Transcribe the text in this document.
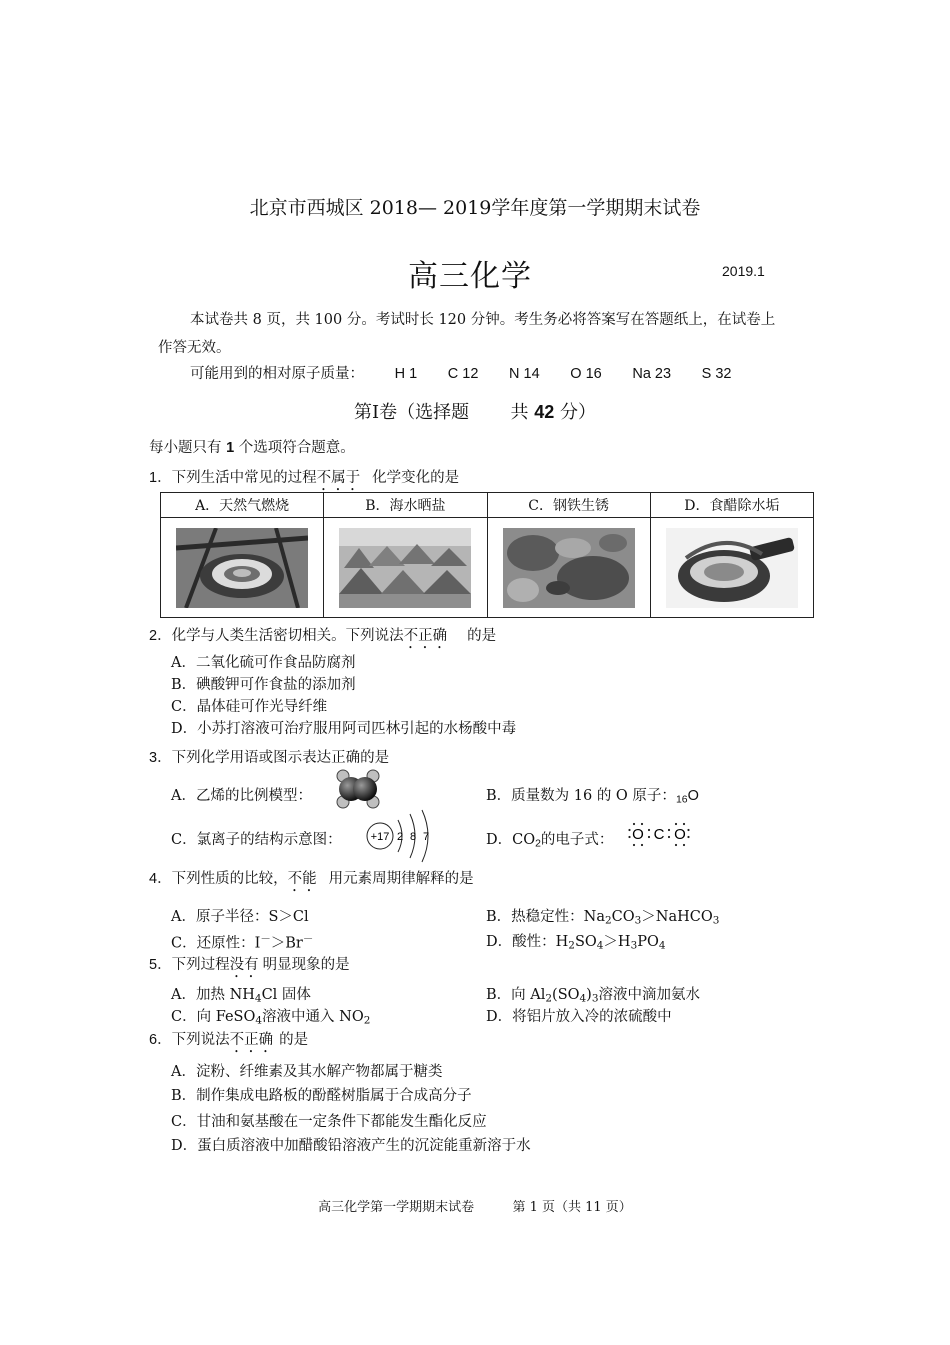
北京市西城区 2018— 2019学年度第一学期期末试卷
高三化学	2019.1
本试卷共 8 页，共 100 分。考试时长 120 分钟。考生务必将答案写在答题纸上，在试卷上作答无效。
可能用到的相对原子质量： H 1 C 12 N 14 O 16 Na 23 S 32
第Ⅰ卷（选择题 共 42 分）
每小题只有 1 个选项符合题意。
1．下列生活中常见的过程不属于 化学变化的是
A．天然气燃烧	B．海水晒盐	C．钢铁生锈	D．食醋除水垢

2．化学与人类生活密切相关。下列说法不正确 的是
A．二氧化硫可作食品防腐剂
B．碘酸钾可作食盐的添加剂
C．晶体硅可作光导纤维
D．小苏打溶液可治疗服用阿司匹林引起的水杨酸中毒
3．下列化学用语或图示表达正确的是
A．乙烯的比例模型：	B．质量数为 16 的 O 原子：16O
C．氯离子的结构示意图：	+17 2 8 7	D．$CO_2$的电子式： O C O
4．下列性质的比较，不能 用元素周期律解释的是
A．原子半径：S＞Cl	B．热稳定性：$Na_2CO_3>NaHCO_3$
C．还原性：I－＞Br－	D．酸性：$H_2SO_4>H_3PO_4$
5．下列过程没有 明显现象的是
A．加热 $NH_4Cl$ 固体	B．向 $Al_2(SO_4)_3$溶液中滴加氨水
C．向 FeSO$_4$溶液中通入 $NO_2$	D．将铝片放入冷的浓硫酸中
6．下列说法不正确 的是
A．淀粉、纤维素及其水解产物都属于糖类
B．制作集成电路板的酚醛树脂属于合成高分子
C．甘油和氨基酸在一定条件下都能发生酯化反应
D．蛋白质溶液中加醋酸铅溶液产生的沉淀能重新溶于水
高三化学第一学期期末试卷	第 1 页（共 11 页）
